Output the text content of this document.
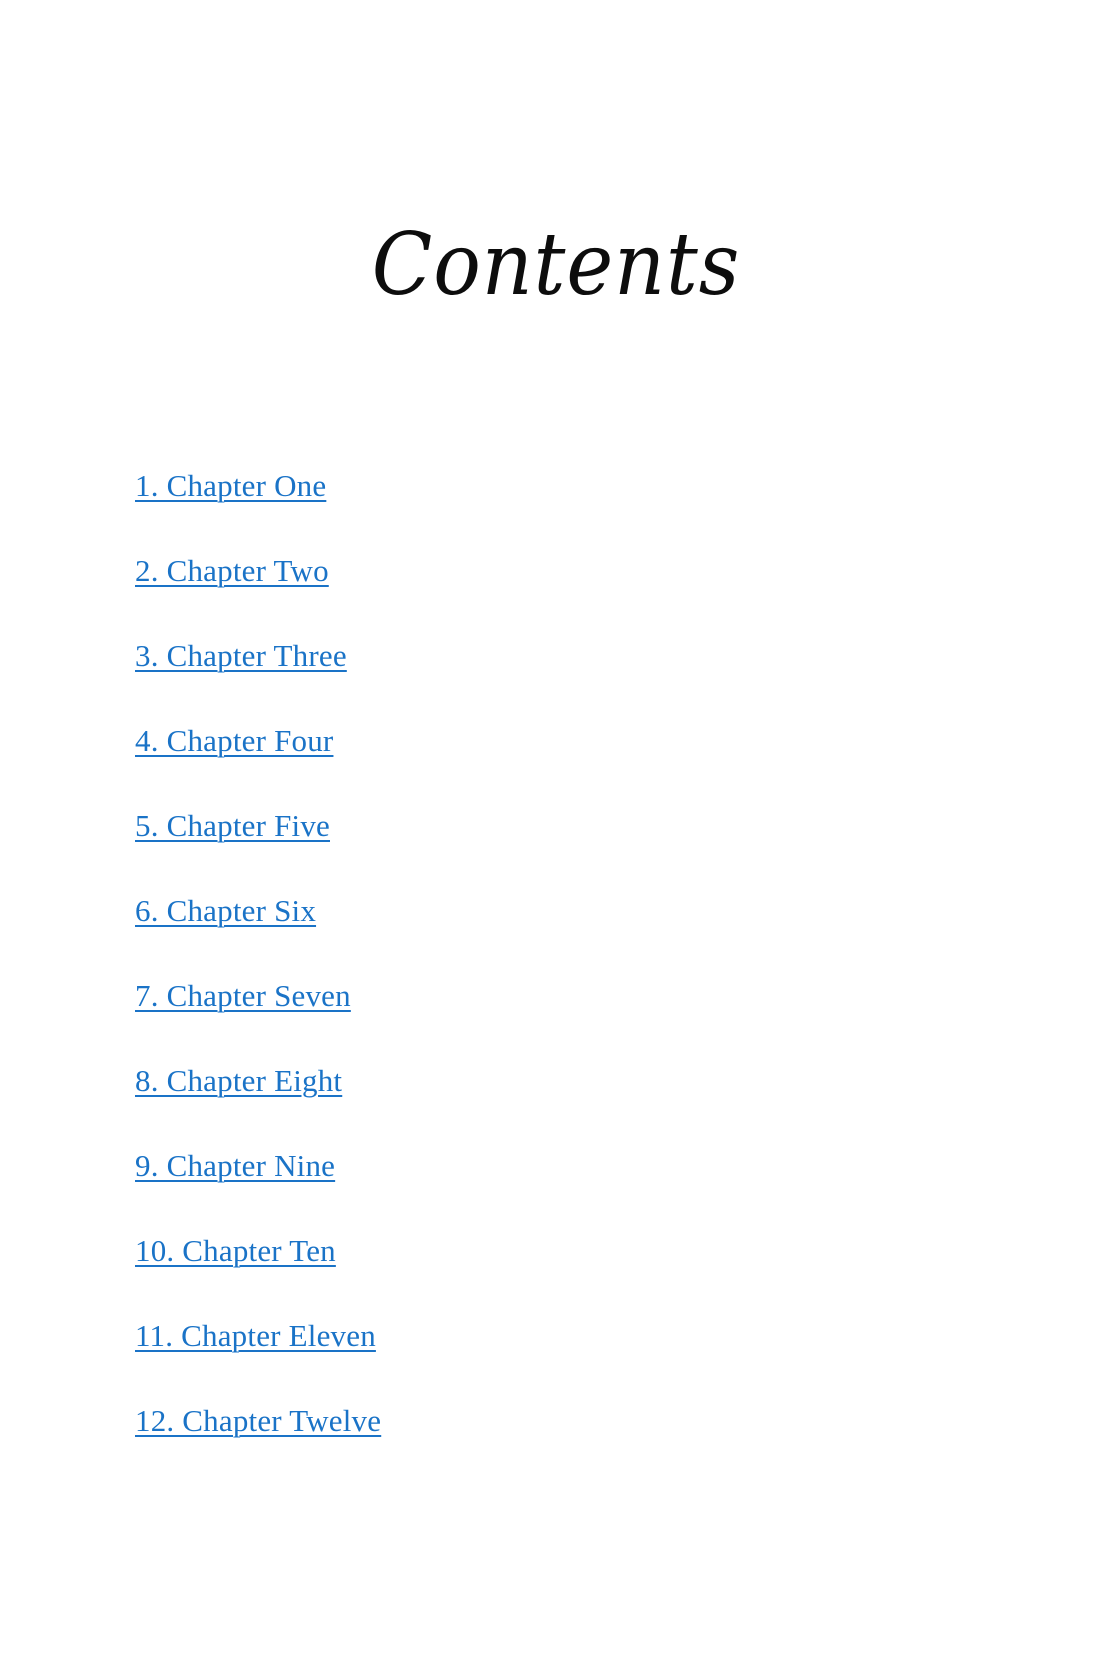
Contents
1. Chapter One
2. Chapter Two
3. Chapter Three
4. Chapter Four
5. Chapter Five
6. Chapter Six
7. Chapter Seven
8. Chapter Eight
9. Chapter Nine
10. Chapter Ten
11. Chapter Eleven
12. Chapter Twelve
